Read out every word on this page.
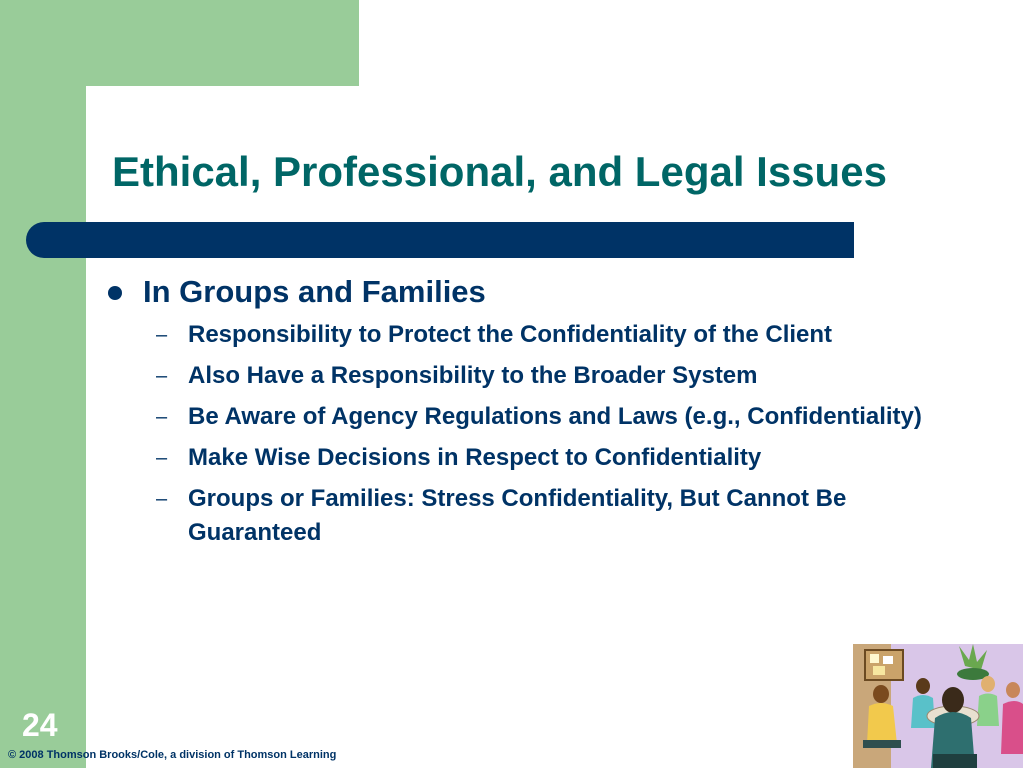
Ethical, Professional, and Legal Issues
In Groups and Families
– Responsibility to Protect the Confidentiality of the Client
– Also Have a Responsibility to the Broader System
– Be Aware of Agency Regulations and Laws (e.g., Confidentiality)
– Make Wise Decisions in Respect to Confidentiality
– Groups or Families: Stress Confidentiality, But Cannot Be Guaranteed
24
© 2008 Thomson Brooks/Cole, a division of Thomson Learning
